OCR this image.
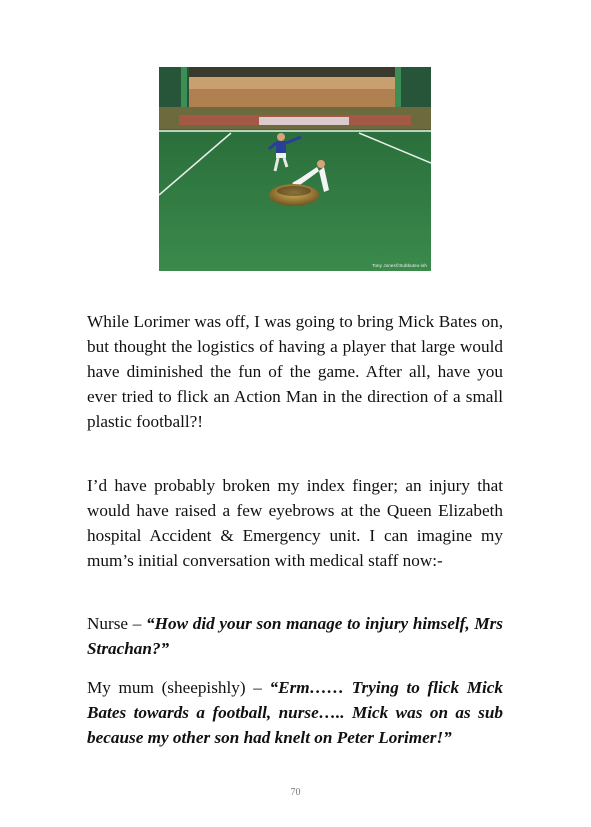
Tony Jones©Subbuteo-ish

While Lorimer was off, I was going to bring Mick Bates on, but thought the logistics of having a player that large would have diminished the fun of the game. After all, have you ever tried to flick an Action Man in the direction of a small plastic football?!

I’d have probably broken my index finger; an injury that would have raised a few eyebrows at the Queen Elizabeth hospital Accident & Emergency unit. I can imagine my mum’s initial conversation with medical staff now:-

Nurse – “How did your son manage to injury himself, Mrs Strachan?”

My mum (sheepishly) – “Erm…… Trying to flick Mick Bates towards a football, nurse….. Mick was on as sub because my other son had knelt on Peter Lorimer!”

70
